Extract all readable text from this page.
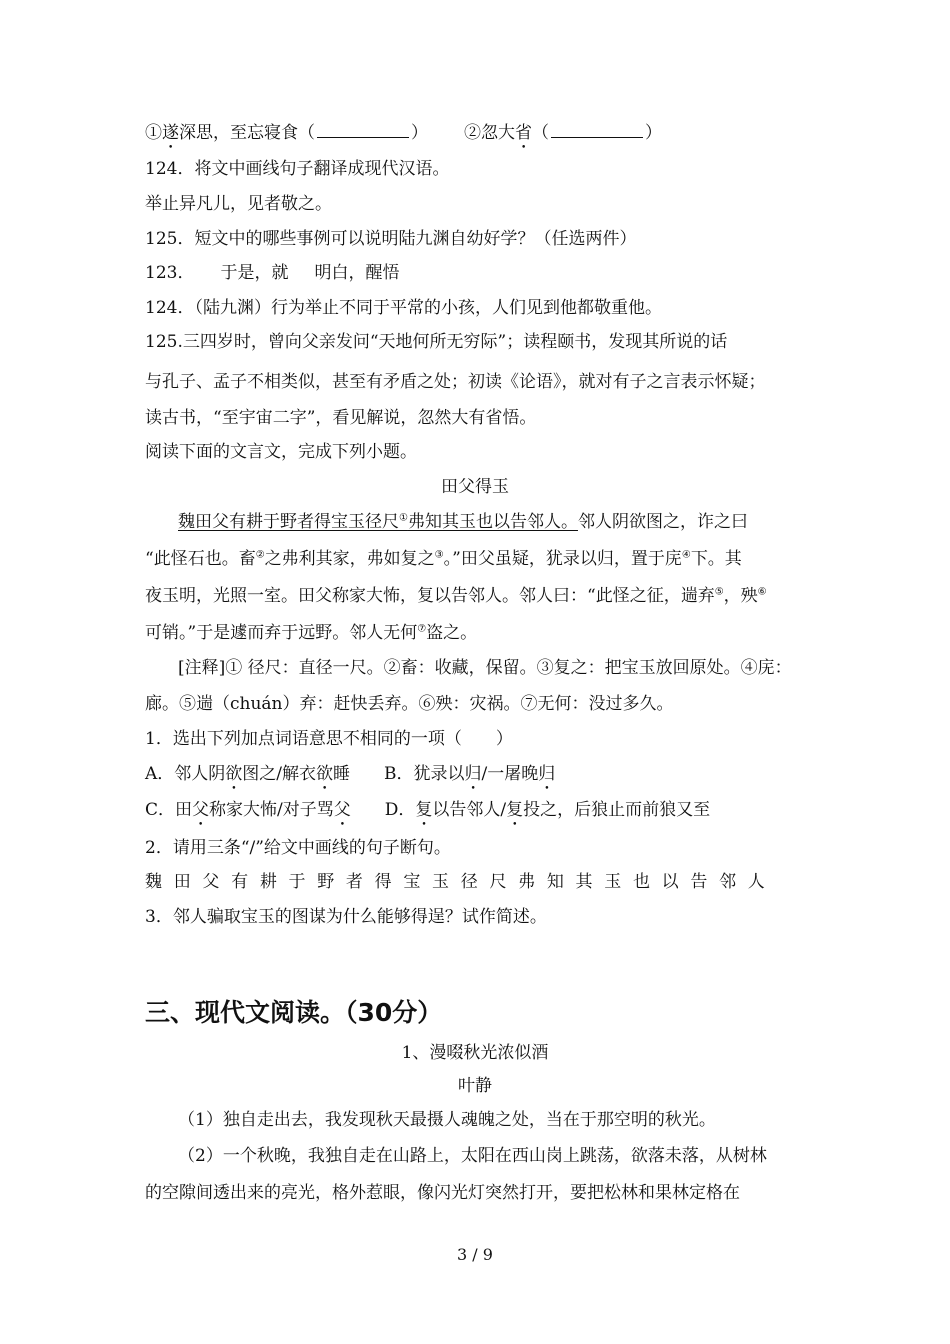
①遂深思，至忘寝食（	） ②忽大省（	）
124．将文中画线句子翻译成现代汉语。
举止异凡儿，见者敬之。
125．短文中的哪些事例可以说明陆九渊自幼好学？（任选两件）
123． 于是，就 明白，醒悟
124．（陆九渊）行为举止不同于平常的小孩，人们见到他都敬重他。
125.三四岁时，曾向父亲发问“天地何所无穷际”；读程颐书，发现其所说的话
与孔子、孟子不相类似，甚至有矛盾之处；初读《论语》，就对有子之言表示怀疑；
读古书，“至宇宙二字”，看见解说，忽然大有省悟。
阅读下面的文言文，完成下列小题。
田父得玉
魏田父有耕于野者得宝玉径尺①弗知其玉也以告邻人。邻人阴欲图之，诈之曰
“此怪石也。畜②之弗利其家，弗如复之③。”田父虽疑，犹录以归，置于庑④下。其
夜玉明，光照一室。田父称家大怖，复以告邻人。邻人曰：“此怪之征，遄弃⑤，殃⑥
可销。”于是遽而弃于远野。邻人无何⑦盗之。
[注释]① 径尺：直径一尺。②畜：收藏，保留。③复之：把宝玉放回原处。④庑：
廊。⑤遄（chuán）弃：赶快丢弃。⑥殃：灾祸。⑦无何：没过多久。
1．选出下列加点词语意思不相同的一项（　　）
A．邻人阴欲图之/解衣欲睡 B．犹录以归/一屠晚归
C．田父称家大怖/对子骂父 D．复以告邻人/复投之，后狼止而前狼又至
2．请用三条“/”给文中画线的句子断句。
魏 田 父 有 耕 于 野 者 得 宝 玉 径 尺 弗 知 其 玉 也 以 告 邻 人
3．邻人骗取宝玉的图谋为什么能够得逞？试作简述。
三、现代文阅读。（30分）
1、漫啜秋光浓似酒
叶静
（1）独自走出去，我发现秋天最摄人魂魄之处，当在于那空明的秋光。
（2）一个秋晚，我独自走在山路上，太阳在西山岗上跳荡，欲落未落，从树林
的空隙间透出来的亮光，格外惹眼，像闪光灯突然打开，要把松林和果林定格在
3 / 9
